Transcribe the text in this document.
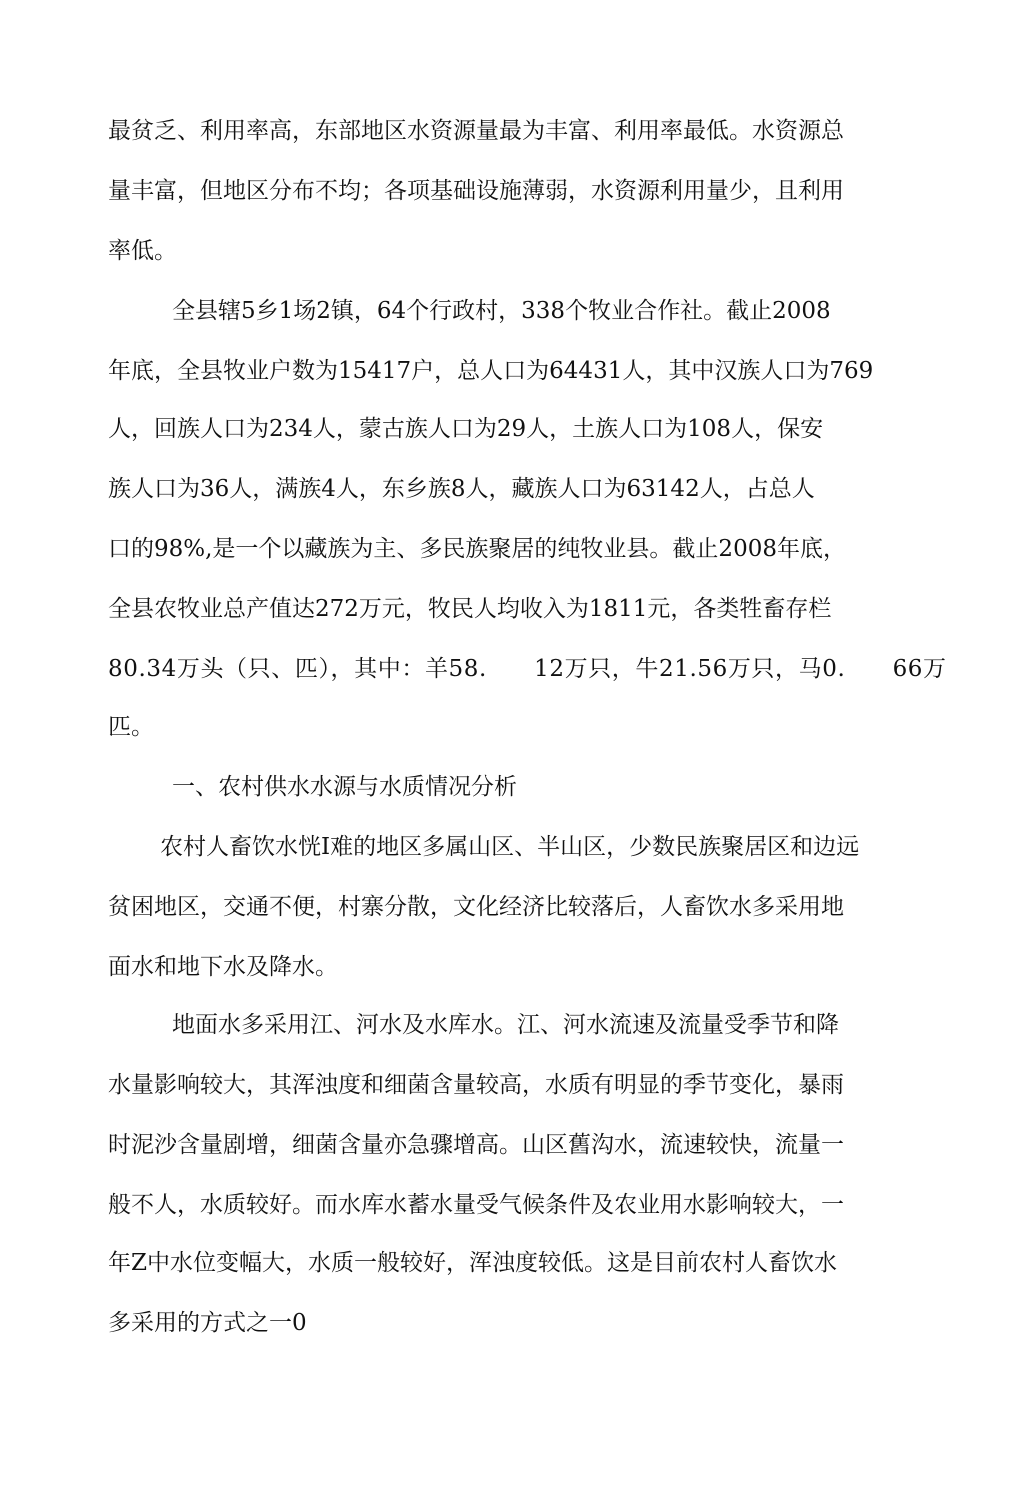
最贫乏、利用率高，东部地区水资源量最为丰富、利用率最低。水资源总
量丰富，但地区分布不均；各项基础设施薄弱，水资源利用量少，且利用
率低。
全县辖5乡1场2镇，64个行政村，338个牧业合作社。截止2008
年底，全县牧业户数为15417户，总人口为64431人，其中汉族人口为769
人，回族人口为234人，蒙古族人口为29人，土族人口为108人，保安
族人口为36人，满族4人，东乡族8人，藏族人口为63142人，占总人
口的98%,是一个以藏族为主、多民族聚居的纯牧业县。截止2008年底，
全县农牧业总产值达272万元，牧民人均收入为1811元，各类牲畜存栏
80.34万头（只、匹），其中：羊58.　　12万只，牛21.56万只，马0.　　66万
匹。
一、农村供水水源与水质情况分析
农村人畜饮水恍I难的地区多属山区、半山区，少数民族聚居区和边远
贫困地区，交通不便，村寨分散，文化经济比较落后，人畜饮水多采用地
面水和地下水及降水。
地面水多采用江、河水及水库水。江、河水流速及流量受季节和降
水量影响较大，其浑浊度和细菌含量较高，水质有明显的季节变化，暴雨
时泥沙含量剧增，细菌含量亦急骤增高。山区舊沟水，流速较快，流量一
般不人，水质较好。而水库水蓄水量受气候条件及农业用水影响较大，一
年Z中水位变幅大，水质一般较好，浑浊度较低。这是目前农村人畜饮水
多采用的方式之一0
